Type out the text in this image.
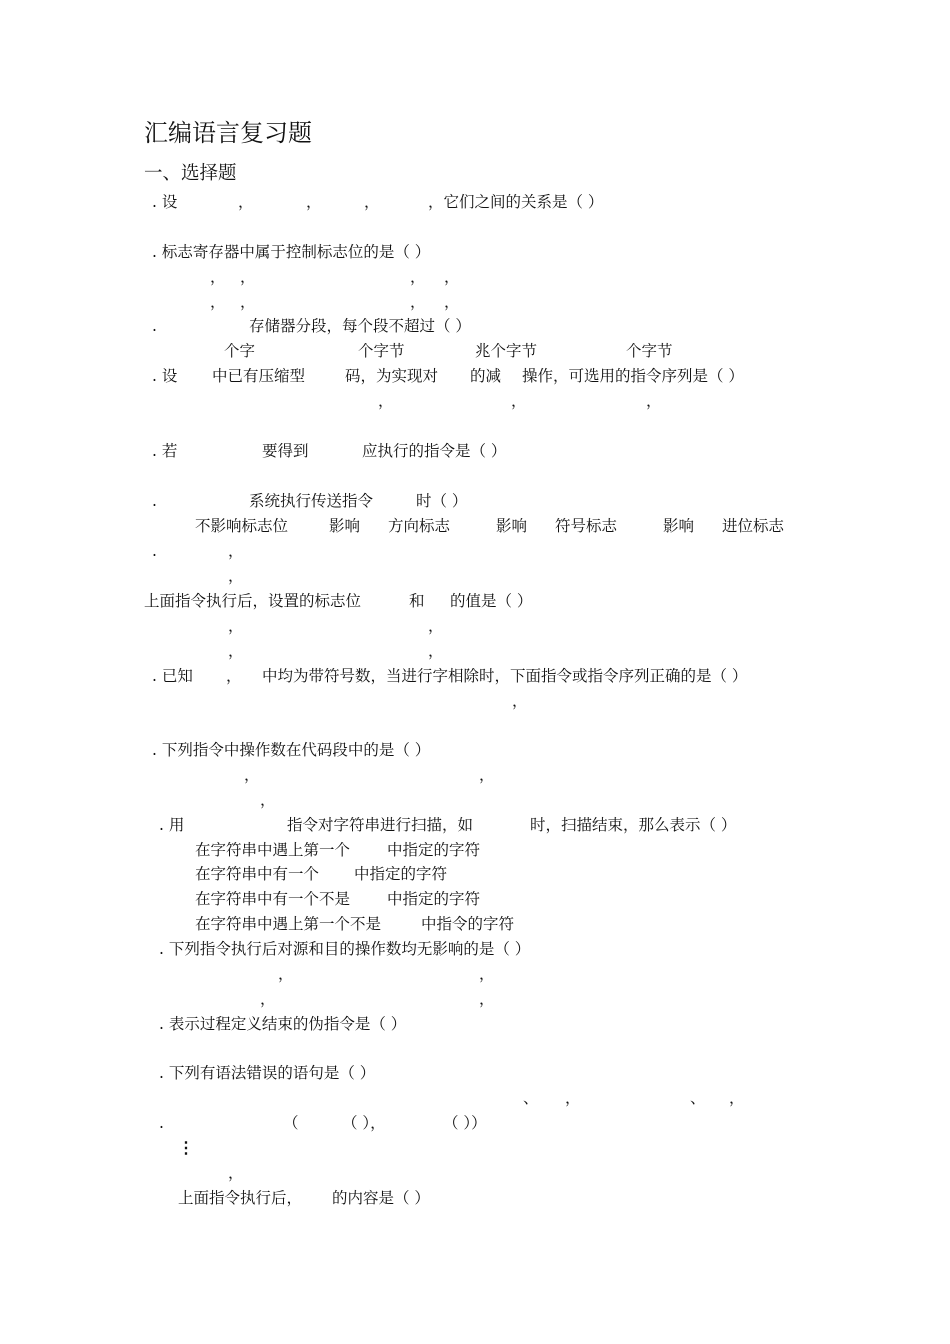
汇编语言复习题
一、选择题
. 设	，	，	，	，它们之间的关系是（ ）
. 标志寄存器中属于控制标志位的是（ ）
， ，	， ，
， ，	， ，
.	存储器分段，每个段不超过（ ）
个字	个字节	兆个字节	个字节
. 设 中已有压缩型	码，为实现对 的减 操作，可选用的指令序列是（ ）
，	，	，
. 若	要得到	应执行的指令是（ ）
.	系统执行传送指令	时（ ）
不影响标志位	影响 方向标志	影响 符号标志	影响 进位标志
.	，
，
上面指令执行后，设置的标志位	和 的值是（ ）
，	，
，	，
. 已知 ， 中均为带符号数，当进行字相除时，下面指令或指令序列正确的是（ ）
，
. 下列指令中操作数在代码段中的是（ ）
，	，
，
. 用	指令对字符串进行扫描，如	时，扫描结束，那么表示（ ）
在字符串中遇上第一个 中指定的字符
在字符串中有一个 中指定的字符
在字符串中有一个不是 中指定的字符
在字符串中遇上第一个不是	中指令的字符
. 下列指令执行后对源和目的操作数均无影响的是（ ）
，	，
，	，
. 表示过程定义结束的伪指令是（ ）
. 下列有语法错误的语句是（ ）
、 ，	、 ，
.	（	（ ），	（ ））
⋮
，
上面指令执行后， 的内容是（ ）
